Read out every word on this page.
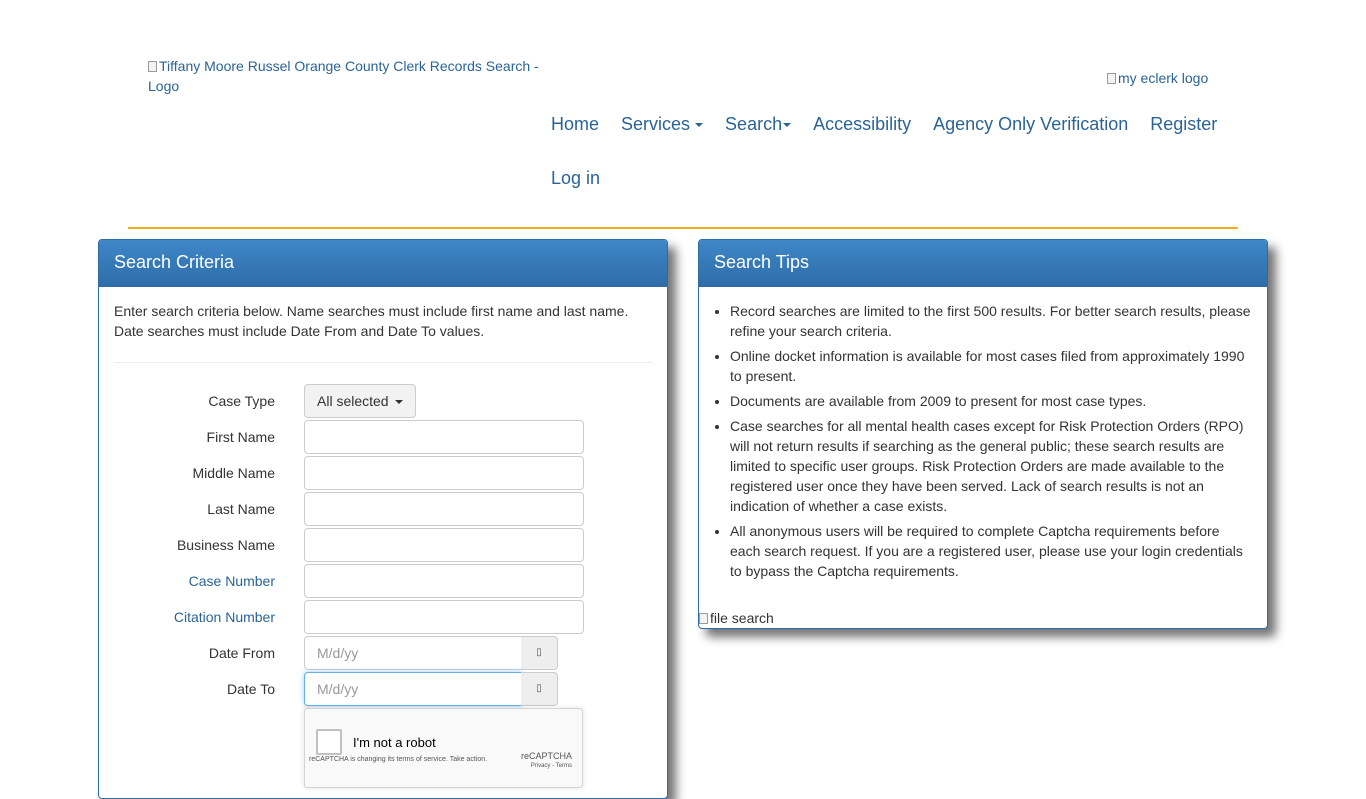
Tiffany Moore Russel Orange County Clerk Records Search - Logo	my eclerk logo
Home	Services	Search	Accessibility	Agency Only Verification	Register
Log in
Search Criteria

Enter search criteria below. Name searches must include first name and last name. Date searches must include Date From and Date To values.

Case Type	All selected
First Name
Middle Name
Last Name
Business Name
Case Number
Citation Number
Date From
M/d/yy	▯
Date To
M/d/yy	▯
I'm not a robot
reCAPTCHA
reCAPTCHA is changing its terms of service. Take action.
Privacy - Terms
Search Tips
• Record searches are limited to the first 500 results. For better search results, please refine your search criteria.
• Online docket information is available for most cases filed from approximately 1990 to present.
• Documents are available from 2009 to present for most case types.
• Case searches for all mental health cases except for Risk Protection Orders (RPO) will not return results if searching as the general public; these search results are limited to specific user groups. Risk Protection Orders are made available to the registered user once they have been served. Lack of search results is not an indication of whether a case exists.
• All anonymous users will be required to complete Captcha requirements before each search request. If you are a registered user, please use your login credentials to bypass the Captcha requirements.
file search
